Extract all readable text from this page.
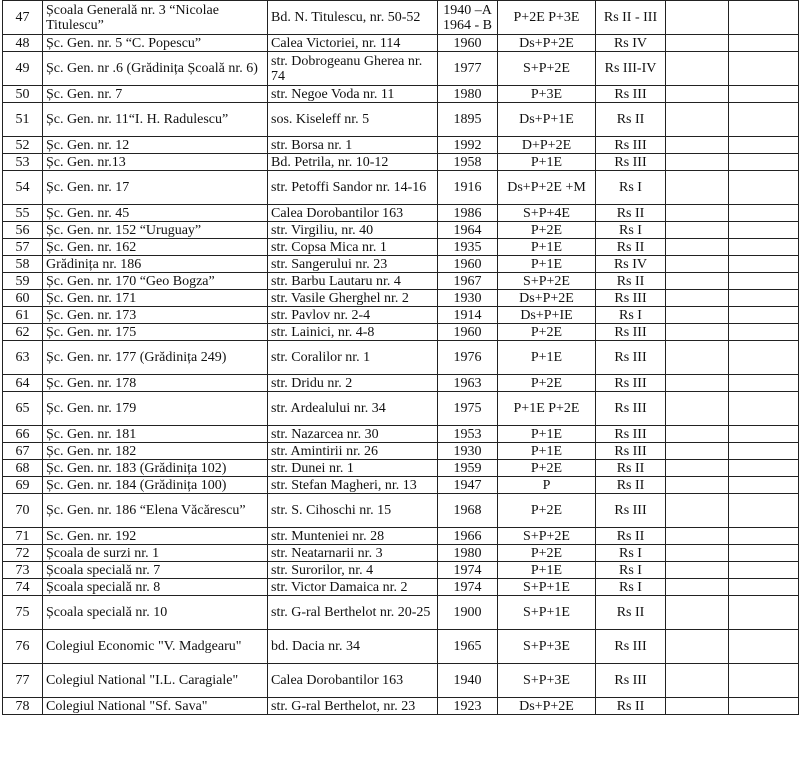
47	Școala Generală nr. 3 “Nicolae Titulescu”	Bd. N. Titulescu, nr. 50-52	1940 –A 1964 - B	P+2E P+3E	Rs II - III		
48	Șc. Gen. nr. 5 “C. Popescu”	Calea Victoriei, nr. 114	1960	Ds+P+2E	Rs IV		
49	Șc. Gen. nr .6 (Grădinița Școală nr. 6)	str. Dobrogeanu Gherea nr. 74	1977	S+P+2E	Rs III-IV		
50	Șc. Gen. nr. 7	str. Negoe Voda nr. 11	1980	P+3E	Rs III		
51	Șc. Gen. nr. 11“I. H. Radulescu”	sos. Kiseleff nr. 5	1895	Ds+P+1E	Rs II		
52	Șc. Gen. nr. 12	str. Borsa nr. 1	1992	D+P+2E	Rs III		
53	Șc. Gen. nr.13	Bd. Petrila, nr. 10-12	1958	P+1E	Rs III		
54	Șc. Gen. nr. 17	str. Petoffi Sandor nr. 14-16	1916	Ds+P+2E +M	Rs I		
55	Șc. Gen. nr. 45	Calea Dorobantilor 163	1986	S+P+4E	Rs II		
56	Șc. Gen. nr. 152 “Uruguay”	str. Virgiliu, nr. 40	1964	P+2E	Rs I		
57	Șc. Gen. nr. 162	str. Copsa Mica nr. 1	1935	P+1E	Rs II		
58	Grădinița nr. 186	str. Sangerului nr. 23	1960	P+1E	Rs IV		
59	Șc. Gen. nr. 170 “Geo Bogza”	str. Barbu Lautaru nr. 4	1967	S+P+2E	Rs II		
60	Șc. Gen. nr. 171	str. Vasile Gherghel nr. 2	1930	Ds+P+2E	Rs III		
61	Șc. Gen. nr. 173	str. Pavlov nr. 2-4	1914	Ds+P+IE	Rs I		
62	Șc. Gen. nr. 175	str. Lainici, nr. 4-8	1960	P+2E	Rs III		
63	Șc. Gen. nr. 177 (Grădinița 249)	str. Coralilor nr. 1	1976	P+1E	Rs III		
64	Șc. Gen. nr. 178	str. Dridu nr. 2	1963	P+2E	Rs III		
65	Șc. Gen. nr. 179	str. Ardealului nr. 34	1975	P+1E P+2E	Rs III		
66	Șc. Gen. nr. 181	str. Nazarcea nr. 30	1953	P+1E	Rs III		
67	Șc. Gen. nr. 182	str. Amintirii nr. 26	1930	P+1E	Rs III		
68	Șc. Gen. nr. 183 (Grădinița 102)	str. Dunei nr. 1	1959	P+2E	Rs II		
69	Șc. Gen. nr. 184 (Grădinița 100)	str. Stefan Magheri, nr. 13	1947	P	Rs II		
70	Șc. Gen. nr. 186 “Elena Văcărescu”	str. S. Cihoschi nr. 15	1968	P+2E	Rs III		
71	Sc. Gen. nr. 192	str. Munteniei nr. 28	1966	S+P+2E	Rs II		
72	Școala de surzi nr. 1	str. Neatarnarii nr. 3	1980	P+2E	Rs I		
73	Școala specială nr. 7	str. Surorilor, nr. 4	1974	P+1E	Rs I		
74	Școala specială nr. 8	str. Victor Damaica nr. 2	1974	S+P+1E	Rs I		
75	Școala specială nr. 10	str. G-ral Berthelot nr. 20-25	1900	S+P+1E	Rs II		
76	Colegiul Economic "V. Madgearu"	bd. Dacia nr. 34	1965	S+P+3E	Rs III		
77	Colegiul National "I.L. Caragiale"	Calea Dorobantilor 163	1940	S+P+3E	Rs III		
78	Colegiul National "Sf. Sava"	str. G-ral Berthelot, nr. 23	1923	Ds+P+2E	Rs II		
